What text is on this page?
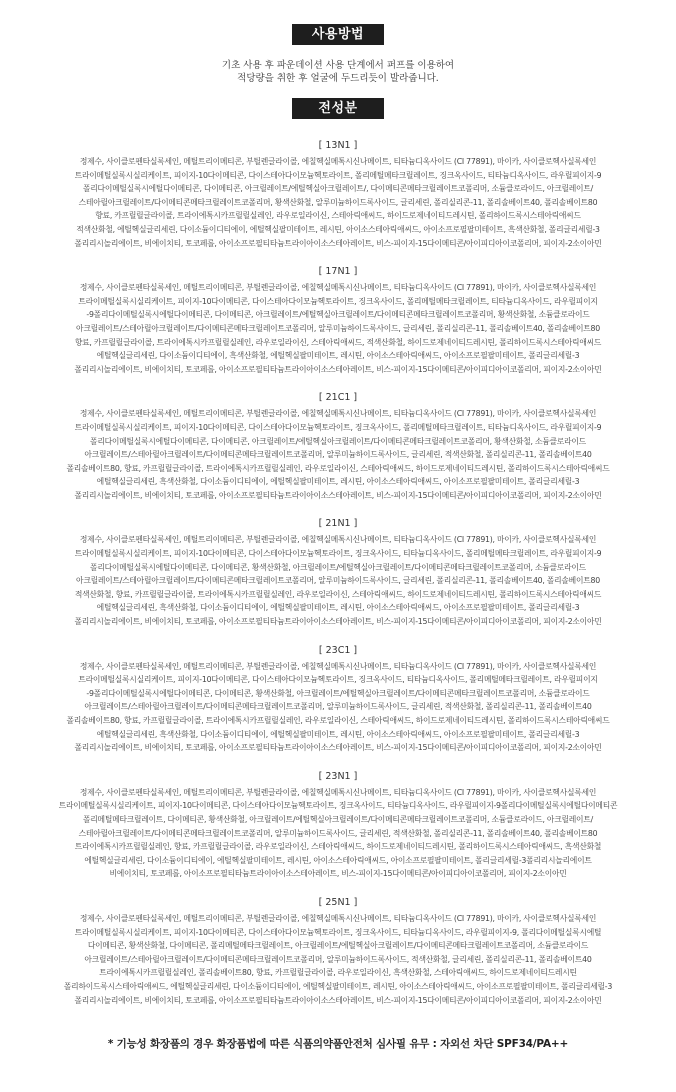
사용방법
기초 사용 후 파운데이션 사용 단계에서 퍼프를 이용하여
적당량을 취한 후 얼굴에 두드리듯이 발라줍니다.
전성분
[ 13N1 ]
정제수, 사이클로펜타실록세인, 메틸트리이메티콘, 부틸렌글라이콜, 에칠헥실메톡시신나메이트, 티타늄디옥사이드 (CI 77891), 마이카, 사이클로헥사실록세인
트라이메틸실록시실리케이트, 피이지-10다이메티콘, 다이스테아다이모늄헥토라이트, 폴리메틸메타크릴레이트, 징크옥사이드, 티타늄디옥사이드, 라우릴피이지-9
폴리다이메틸실록시에틸다이메티콘, 다이메티콘, 아크릴레이트/에틸헥실아크릴레이트/, 다이메티콘메타크릴레이트코폴리머, 소듐클로라이드, 아크릴레이트/
스테아릴아크릴레이트/다이메티콘메타크릴레이트코폴리머, 황색산화철, 알루미늄하이드록사이드, 글리세린, 폴리실리콘-11, 폴리솔베이트40, 폴리솔베이트80
향료, 카프릴릴글라이콜, 트라이에톡시카프릴릴실레인, 라우로일라이신, 스테아릭애씨드, 하이드로제네이티드레시틴, 폴리하이드록시스테아릭애씨드
적색산화철, 에틸헥실글리세린, 다이소듐이디티에이, 에틸헥실팔미테이트, 레시틴, 아이소스테아릭애씨드, 아이소프로필팔미테이트, 흑색산화철, 폴리글리세릴-3
폴리리시놀리에이트, 비에이치티, 토코페롤, 아이소프로필티타늄트라이아이소스테아레이트, 비스-피이지-15다이메티콘/아이피디아이코폴리머, 피이지-2소이아민
[ 17N1 ]
정제수, 사이클로펜타실록세인, 메틸트리이메티콘, 부틸렌글라이콜, 에칠헥실메톡시신나메이트, 티타늄디옥사이드 (CI 77891), 마이카, 사이클로헥사실록세인
트라이메틸실록시실리케이트, 피이지-10다이메티콘, 다이스테아다이모늄헥토라이트, 징크옥사이드, 폴리메틸메타크릴레이트, 티타늄디옥사이드, 라우릴피이지
-9폴리다이메틸실록시에틸다이메티콘, 다이메티콘, 아크릴레이트/에틸헥실아크릴레이트/다이메티콘메타크릴레이트코폴리머, 황색산화철, 소듐클로라이드
아크릴레이트/스테아릴아크릴레이트/다이메티콘메타크릴레이트코폴리머, 알루미늄하이드록사이드, 글리세린, 폴리실리콘-11, 폴리솔베이트40, 폴리솔베이트80
향료, 카프릴릴글라이콜, 트라이에톡시카프릴릴실레인, 라우로일라이신, 스테아릭애씨드, 적색산화철, 하이드로제네이티드레시틴, 폴리하이드록시스테아릭애씨드
에틸헥실글리세린, 다이소듐이디티에이, 흑색산화철, 에틸헥실팔미테이트, 레시틴, 아이소스테아릭애씨드, 아이소프로필팔미테이트, 폴리글리세릴-3
폴리리시놀리에이트, 비에이치티, 토코페롤, 아이소프로필티타늄트라이아이소스테아레이트, 비스-피이지-15다이메티콘/아이피디아이코폴리머, 피이지-2소이아민
[ 21C1 ]
정제수, 사이클로펜타실록세인, 메틸트리이메티콘, 부틸렌글라이콜, 에칠헥실메톡시신나메이트, 티타늄디옥사이드 (CI 77891), 마이카, 사이클로헥사실록세인
트라이메틸실록시실리케이트, 피이지-10다이메티콘, 다이스테아다이모늄헥토라이트, 징크옥사이드, 폴리메틸메타크릴레이트, 티타늄디옥사이드, 라우릴피이지-9
폴리다이메틸실록시에틸다이메티콘, 다이메티콘, 아크릴레이트/에틸헥실아크릴레이트/다이메티콘메타크릴레이트코폴리머, 황색산화철, 소듐클로라이드
아크릴레이트/스테아릴아크릴레이트/다이메티콘메타크릴레이트코폴리머, 알루미늄하이드록사이드, 글리세린, 적색산화철, 폴리실리콘-11, 폴리솔베이트40
폴리솔베이트80, 향료, 카프릴릴글라이콜, 트라이에톡시카프릴릴실레인, 라우로일라이신, 스테아릭애씨드, 하이드로제네이티드레시틴, 폴리하이드록시스테아릭애씨드
에틸헥실글리세린, 흑색산화철, 다이소듐이디티에이, 에틸헥실팔미테이트, 레시틴, 아이소스테아릭애씨드, 아이소프로필팔미테이트, 폴리글리세릴-3
폴리리시놀리에이트, 비에이치티, 토코페롤, 아이소프로필티타늄트라이아이소스테아레이트, 비스-피이지-15다이메티콘/아이피디아이코폴리머, 피이지-2소이아민
[ 21N1 ]
정제수, 사이클로펜타실록세인, 메틸트리이메티콘, 부틸렌글라이콜, 에칠헥실메톡시신나메이트, 티타늄디옥사이드 (CI 77891), 마이카, 사이클로헥사실록세인
트라이메틸실록시실리케이트, 피이지-10다이메티콘, 다이스테아다이모늄헥토라이트, 징크옥사이드, 티타늄디옥사이드, 폴리메틸메타크릴레이트, 라우릴피이지-9
폴리다이메틸실록시에틸다이메티콘, 다이메티콘, 황색산화철, 아크릴레이트/에틸헥실아크릴레이트/다이메티콘메타크릴레이트코폴리머, 소듐클로라이드
아크릴레이트/스테아릴아크릴레이트/다이메티콘메타크릴레이트코폴리머, 알루미늄하이드록사이드, 글리세린, 폴리실리콘-11, 폴리솔베이트40, 폴리솔베이트80
적색산화철, 향료, 카프릴릴글라이콜, 트라이에톡시카프릴릴실레인, 라우로일라이신, 스테아릭애씨드, 하이드로제네이티드레시틴, 폴리하이드록시스테아릭애씨드
에틸헥실글리세린, 흑색산화철, 다이소듐이디티에이, 에틸헥실팔미테이트, 레시틴, 아이소스테아릭애씨드, 아이소프로필팔미테이트, 폴리글리세릴-3
폴리리시놀리에이트, 비에이치티, 토코페롤, 아이소프로필티타늄트라이아이소스테아레이트, 비스-피이지-15다이메티콘/아이피디아이코폴리머, 피이지-2소이아민
[ 23C1 ]
정제수, 사이클로펜타실록세인, 메틸트리이메티콘, 부틸렌글라이콜, 에칠헥실메톡시신나메이트, 티타늄디옥사이드 (CI 77891), 마이카, 사이클로헥사실록세인
트라이메틸실록시실리케이트, 피이지-10다이메티콘, 다이스테아다이모늄헥토라이트, 징크옥사이드, 티타늄디옥사이드, 폴리메틸메타크릴레이트, 라우릴피이지
-9폴리다이메틸실록시에틸다이메티콘, 다이메티콘, 황색산화철, 아크릴레이트/에틸헥실아크릴레이트/다이메티콘메타크릴레이트코폴리머, 소듐클로라이드
아크릴레이트/스테아릴아크릴레이트/다이메티콘메타크릴레이트코폴리머, 알루미늄하이드록사이드, 글리세린, 적색산화철, 폴리실리콘-11, 폴리솔베이트40
폴리솔베이트80, 향료, 카프릴릴글라이콜, 트라이에톡시카프릴릴실레인, 라우로일라이신, 스테아릭애씨드, 하이드로제네이티드레시틴, 폴리하이드록시스테아릭애씨드
에틸헥실글리세린, 흑색산화철, 다이소듐이디티에이, 에틸헥실팔미테이트, 레시틴, 아이소스테아릭애씨드, 아이소프로필팔미테이트, 폴리글리세릴-3
폴리리시놀리에이트, 비에이치티, 토코페롤, 아이소프로필티타늄트라이아이소스테아레이트, 비스-피이지-15다이메티콘/아이피디아이코폴리머, 피이지-2소이아민
[ 23N1 ]
정제수, 사이클로펜타실록세인, 메틸트리이메티콘, 부틸렌글라이콜, 에칠헥실메톡시신나메이트, 티타늄디옥사이드 (CI 77891), 마이카, 사이클로헥사실록세인
트라이메틸실록시실리케이트, 피이지-10다이메티콘, 다이스테아다이모늄헥토라이트, 징크옥사이드, 티타늄디옥사이드, 라우릴피이지-9폴리다이메틸실록시에틸다이메티콘
폴리메틸메타크릴레이트, 다이메티콘, 황색산화철, 아크릴레이트/에틸헥실아크릴레이트/다이메티콘메타크릴레이트코폴리머, 소듐클로라이드, 아크릴레이트/
스테아릴아크릴레이트/다이메티콘메타크릴레이트코폴리머, 알루미늄하이드록사이드, 글리세린, 적색산화철, 폴리실리콘-11, 폴리솔베이트40, 폴리솔베이트80
트라이에톡시카프릴릴실레인, 향료, 카프릴릴글라이콜, 라우로일라이신, 스테아릭애씨드, 하이드로제네이티드레시틴, 폴리하이드록시스테아릭애씨드, 흑색산화철
에틸헥실글리세린, 다이소듐이디티에이, 에틸헥실팔미테이트, 레시틴, 아이소스테아릭애씨드, 아이소프로필팔미테이트, 폴리글리세릴-3폴리리시놀리에이트
비에이치티, 토코페롤, 아이소프로필티타늄트라이아이소스테아레이트, 비스-피이지-15다이메티콘/아이피디아이코폴리머, 피이지-2소이아민
[ 25N1 ]
정제수, 사이클로펜타실록세인, 메틸트리이메티콘, 부틸렌글라이콜, 에칠헥실메톡시신나메이트, 티타늄디옥사이드 (CI 77891), 마이카, 사이클로헥사실록세인
트라이메틸실록시실리케이트, 피이지-10다이메티콘, 다이스테아다이모늄헥토라이트, 징크옥사이드, 티타늄디옥사이드, 라우릴피이지-9, 폴리다이메틸실록시에틸
다이메티콘, 황색산화철, 다이메티콘, 폴리메틸메타크릴레이트, 아크릴레이트/에틸헥실아크릴레이트/다이메티콘메타크릴레이트코폴리머, 소듐클로라이드
아크릴레이트/스테아릴아크릴레이트/다이메티콘메타크릴레이트코폴리머, 알루미늄하이드록사이드, 적색산화철, 글리세린, 폴리실리콘-11, 폴리솔베이트40
트라이에톡시카프릴릴실레인, 폴리솔베이트80, 향료, 카프릴릴글라이콜, 라우로일라이신, 흑색산화철, 스테아릭애씨드, 하이드로제네이티드레시틴
폴리하이드록시스테아릭애씨드, 에틸헥실글리세린, 다이소듐이디티에이, 에틸헥실팔미테이트, 레시틴, 아이소스테아릭애씨드, 아이소프로필팔미테이트, 폴리글리세릴-3
폴리리시놀리에이트, 비에이치티, 토코페롤, 아이소프로필티타늄트라이아이소스테아레이트, 비스-피이지-15다이메티콘/아이피디아이코폴리머, 피이지-2소이아민
* 기능성 화장품의 경우 화장품법에 따른 식품의약품안전처 심사필 유무 : 자외선 차단 SPF34/PA++
